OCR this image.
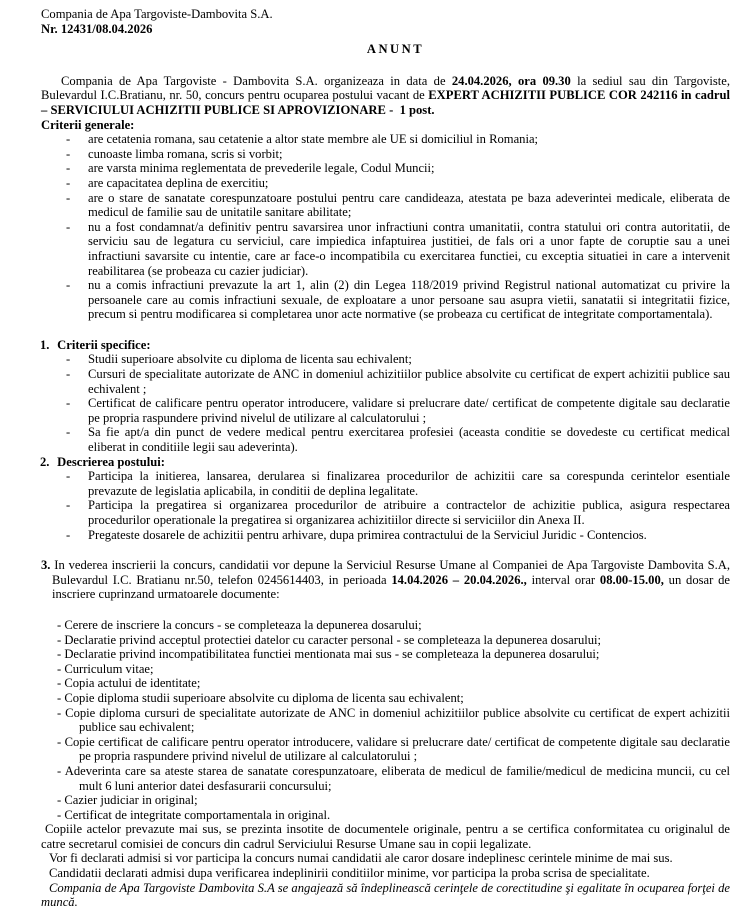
Compania de Apa Targoviste-Dambovita S.A.

Nr. 12431/08.04.2026

ANUNT

Compania de Apa Targoviste - Dambovita S.A. organizeaza in data de 24.04.2026, ora 09.30 la sediul sau din Targoviste, Bulevardul I.C.Bratianu, nr. 50, concurs pentru ocuparea postului vacant de EXPERT ACHIZITII PUBLICE COR 242116 in cadrul – SERVICIULUI ACHIZITII PUBLICE SI APROVIZIONARE - 1 post.

Criterii generale:

- are cetatenia romana, sau cetatenie a altor state membre ale UE si domiciliul in Romania;
- cunoaste limba romana, scris si vorbit;
- are varsta minima reglementata de prevederile legale, Codul Muncii;
- are capacitatea deplina de exercitiu;
- are o stare de sanatate corespunzatoare postului pentru care candideaza, atestata pe baza adeverintei medicale, eliberata de medicul de familie sau de unitatile sanitare abilitate;
- nu a fost condamnat/a definitiv pentru savarsirea unor infractiuni contra umanitatii, contra statului ori contra autoritatii, de serviciu sau de legatura cu serviciul, care impiedica infaptuirea justitiei, de fals ori a unor fapte de coruptie sau a unei infractiuni savarsite cu intentie, care ar face-o incompatibila cu exercitarea functiei, cu exceptia situatiei in care a intervenit reabilitarea (se probeaza cu cazier judiciar).
- nu a comis infractiuni prevazute la art 1, alin (2) din Legea 118/2019 privind Registrul national automatizat cu privire la persoanele care au comis infractiuni sexuale, de exploatare a unor persoane sau asupra vietii, sanatatii si integritatii fizice, precum si pentru modificarea si completarea unor acte normative (se probeaza cu certificat de integritate comportamentala).

1. Criterii specifice:

- Studii superioare absolvite cu diploma de licenta sau echivalent;
- Cursuri de specialitate autorizate de ANC in domeniul achizitiilor publice absolvite cu certificat de expert achizitii publice sau echivalent ;
- Certificat de calificare pentru operator introducere, validare si prelucrare date/ certificat de competente digitale sau declaratie pe propria raspundere privind nivelul de utilizare al calculatorului ;
- Sa fie apt/a din punct de vedere medical pentru exercitarea profesiei (aceasta conditie se dovedeste cu certificat medical eliberat in conditiile legii sau adeverinta).

2. Descrierea postului:

- Participa la initierea, lansarea, derularea si finalizarea procedurilor de achizitii care sa corespunda cerintelor esentiale prevazute de legislatia aplicabila, in conditii de deplina legalitate.
- Participa la pregatirea si organizarea procedurilor de atribuire a contractelor de achizitie publica, asigura respectarea procedurilor operationale la pregatirea si organizarea achizitiilor directe si serviciilor din Anexa II.
- Pregateste dosarele de achizitii pentru arhivare, dupa primirea contractului de la Serviciul Juridic - Contencios.

3. In vederea inscrierii la concurs, candidatii vor depune la Serviciul Resurse Umane al Companiei de Apa Targoviste Dambovita S.A, Bulevardul I.C. Bratianu nr.50, telefon 0245614403, in perioada 14.04.2026 – 20.04.2026., interval orar 08.00-15.00, un dosar de inscriere cuprinzand urmatoarele documente:

- Cerere de inscriere la concurs - se completeaza la depunerea dosarului;
- Declaratie privind acceptul protectiei datelor cu caracter personal - se completeaza la depunerea dosarului;
- Declaratie privind incompatibilitatea functiei mentionata mai sus - se completeaza la depunerea dosarului;
- Curriculum vitae;
- Copia actului de identitate;
- Copie diploma studii superioare absolvite cu diploma de licenta sau echivalent;
- Copie diploma cursuri de specialitate autorizate de ANC in domeniul achizitiilor publice absolvite cu certificat de expert achizitii publice sau echivalent;
- Copie certificat de calificare pentru operator introducere, validare si prelucrare date/ certificat de competente digitale sau declaratie pe propria raspundere privind nivelul de utilizare al calculatorului ;
- Adeverinta care sa ateste starea de sanatate corespunzatoare, eliberata de medicul de familie/medicul de medicina muncii, cu cel mult 6 luni anterior datei desfasurarii concursului;
- Cazier judiciar in original;
- Certificat de integritate comportamentala in original.

Copiile actelor prevazute mai sus, se prezinta insotite de documentele originale, pentru a se certifica conformitatea cu originalul de catre secretarul comisiei de concurs din cadrul Serviciului Resurse Umane sau in copii legalizate.

Vor fi declarati admisi si vor participa la concurs numai candidatii ale caror dosare indeplinesc cerintele minime de mai sus.

Candidatii declarati admisi dupa verificarea indeplinirii conditiilor minime, vor participa la proba scrisa de specialitate.

Compania de Apa Targoviste Dambovita S.A se angajează să îndeplinească cerinţele de corectitudine şi egalitate în ocuparea forţei de muncă.
